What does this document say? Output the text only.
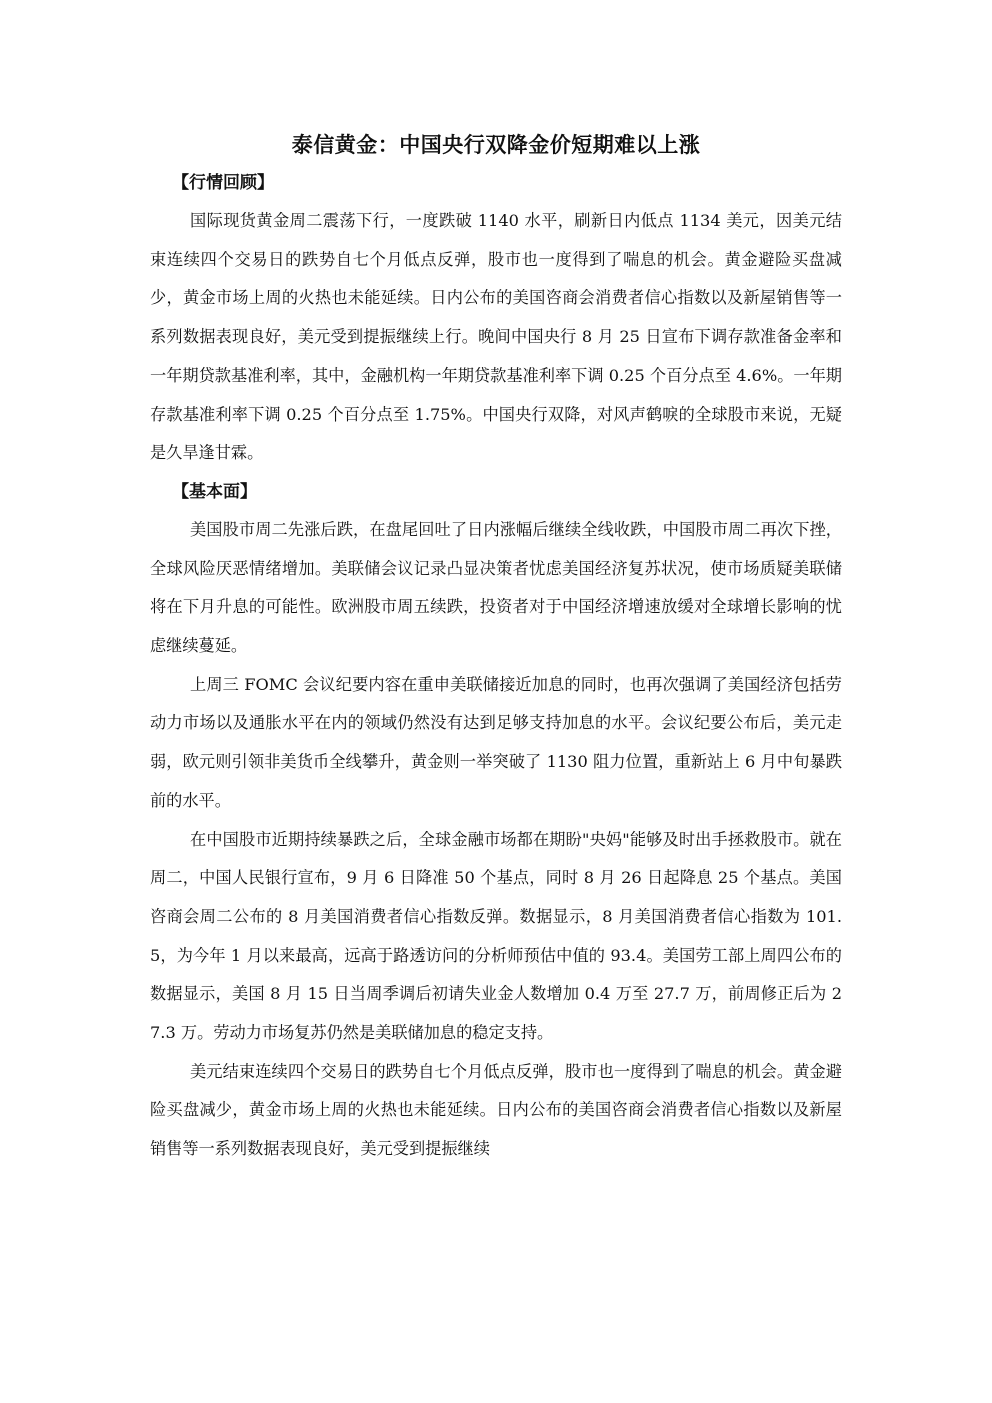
泰信黄金：中国央行双降金价短期难以上涨
【行情回顾】

国际现货黄金周二震荡下行，一度跌破 1140 水平，刷新日内低点 1134 美元，因美元结束连续四个交易日的跌势自七个月低点反弹，股市也一度得到了喘息的机会。黄金避险买盘减少，黄金市场上周的火热也未能延续。日内公布的美国咨商会消费者信心指数以及新屋销售等一系列数据表现良好，美元受到提振继续上行。晚间中国央行 8 月 25 日宣布下调存款准备金率和一年期贷款基准利率，其中，金融机构一年期贷款基准利率下调 0.25 个百分点至 4.6%。一年期存款基准利率下调 0.25 个百分点至 1.75%。中国央行双降，对风声鹤唳的全球股市来说，无疑是久旱逢甘霖。

【基本面】

美国股市周二先涨后跌，在盘尾回吐了日内涨幅后继续全线收跌，中国股市周二再次下挫，全球风险厌恶情绪增加。美联储会议记录凸显决策者忧虑美国经济复苏状况，使市场质疑美联储将在下月升息的可能性。欧洲股市周五续跌，投资者对于中国经济增速放缓对全球增长影响的忧虑继续蔓延。

上周三 FOMC 会议纪要内容在重申美联储接近加息的同时，也再次强调了美国经济包括劳动力市场以及通胀水平在内的领域仍然没有达到足够支持加息的水平。会议纪要公布后，美元走弱，欧元则引领非美货币全线攀升，黄金则一举突破了 1130 阻力位置，重新站上 6 月中旬暴跌前的水平。

在中国股市近期持续暴跌之后，全球金融市场都在期盼"央妈"能够及时出手拯救股市。就在周二，中国人民银行宣布，9 月 6 日降准 50 个基点，同时 8 月 26 日起降息 25 个基点。美国咨商会周二公布的 8 月美国消费者信心指数反弹。数据显示，8 月美国消费者信心指数为 101.5，为今年 1 月以来最高，远高于路透访问的分析师预估中值的 93.4。美国劳工部上周四公布的数据显示，美国 8 月 15 日当周季调后初请失业金人数增加 0.4 万至 27.7 万，前周修正后为 27.3 万。劳动力市场复苏仍然是美联储加息的稳定支持。

美元结束连续四个交易日的跌势自七个月低点反弹，股市也一度得到了喘息的机会。黄金避险买盘减少，黄金市场上周的火热也未能延续。日内公布的美国咨商会消费者信心指数以及新屋销售等一系列数据表现良好，美元受到提振继续
